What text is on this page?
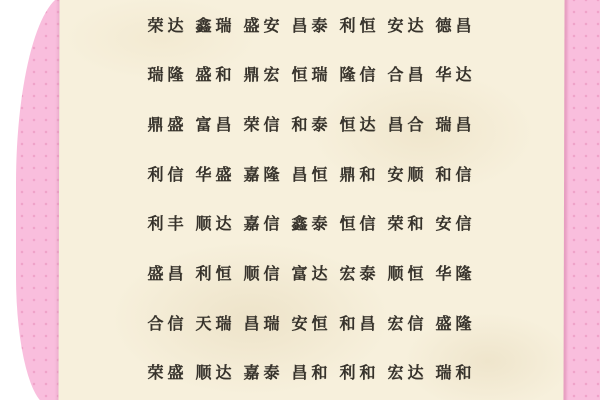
荣达 鑫瑞 盛安 昌泰 利恒 安达 德昌
瑞隆 盛和 鼎宏 恒瑞 隆信 合昌 华达
鼎盛 富昌 荣信 和泰 恒达 昌合 瑞昌
利信 华盛 嘉隆 昌恒 鼎和 安顺 和信
利丰 顺达 嘉信 鑫泰 恒信 荣和 安信
盛昌 利恒 顺信 富达 宏泰 顺恒 华隆
合信 天瑞 昌瑞 安恒 和昌 宏信 盛隆
荣盛 顺达 嘉泰 昌和 利和 宏达 瑞和
